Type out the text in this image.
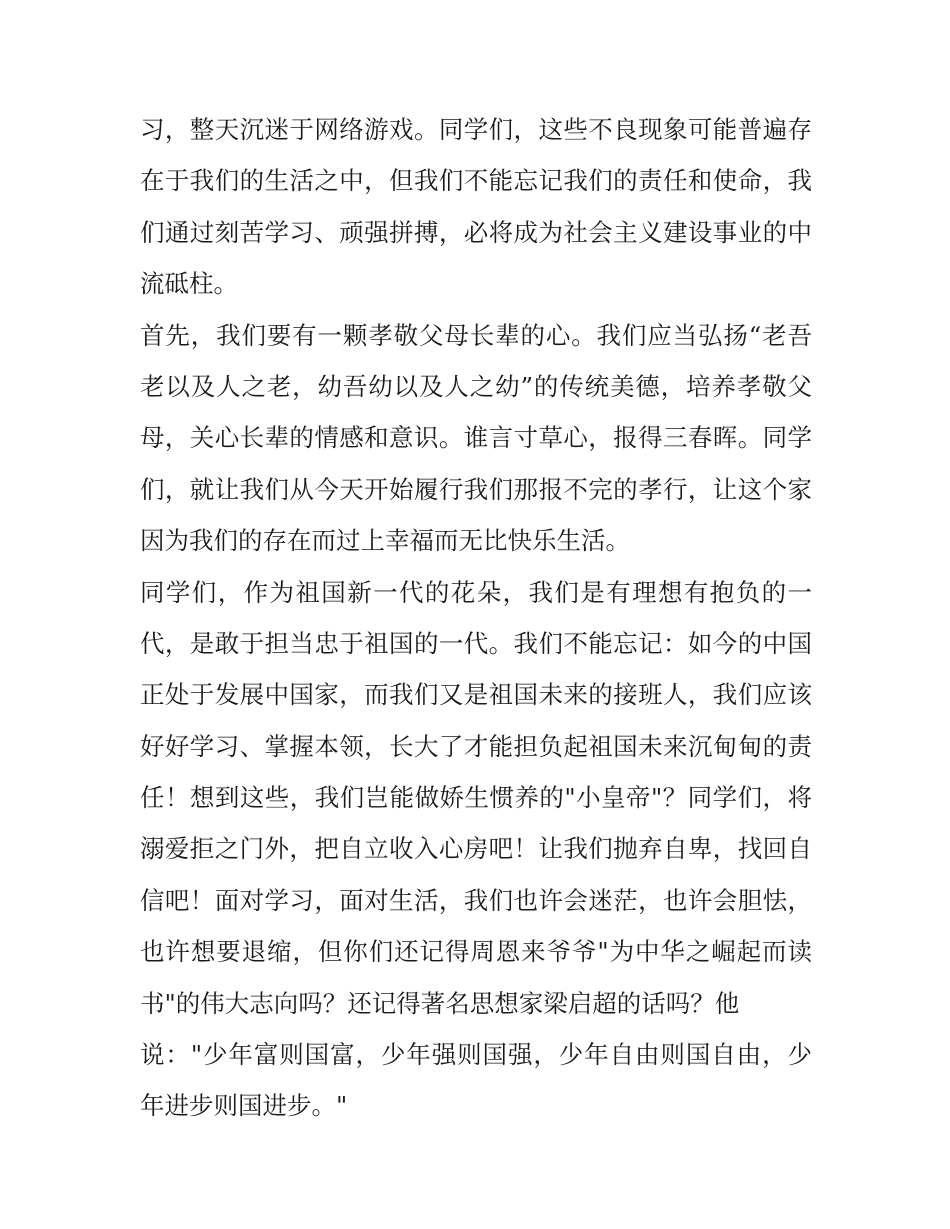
习，整天沉迷于网络游戏。同学们，这些不良现象可能普遍存
在于我们的生活之中，但我们不能忘记我们的责任和使命，我
们通过刻苦学习、顽强拼搏，必将成为社会主义建设事业的中
流砥柱。
首先，我们要有一颗孝敬父母长辈的心。我们应当弘扬“老吾
老以及人之老，幼吾幼以及人之幼”的传统美德，培养孝敬父
母，关心长辈的情感和意识。谁言寸草心，报得三春晖。同学
们，就让我们从今天开始履行我们那报不完的孝行，让这个家
因为我们的存在而过上幸福而无比快乐生活。
同学们，作为祖国新一代的花朵，我们是有理想有抱负的一
代，是敢于担当忠于祖国的一代。我们不能忘记：如今的中国
正处于发展中国家，而我们又是祖国未来的接班人，我们应该
好好学习、掌握本领，长大了才能担负起祖国未来沉甸甸的责
任！想到这些，我们岂能做娇生惯养的"小皇帝"？同学们，将
溺爱拒之门外，把自立收入心房吧！让我们抛弃自卑，找回自
信吧！面对学习，面对生活，我们也许会迷茫，也许会胆怯，
也许想要退缩，但你们还记得周恩来爷爷"为中华之崛起而读
书"的伟大志向吗？还记得著名思想家梁启超的话吗？他
说："少年富则国富，少年强则国强，少年自由则国自由，少
年进步则国进步。"
